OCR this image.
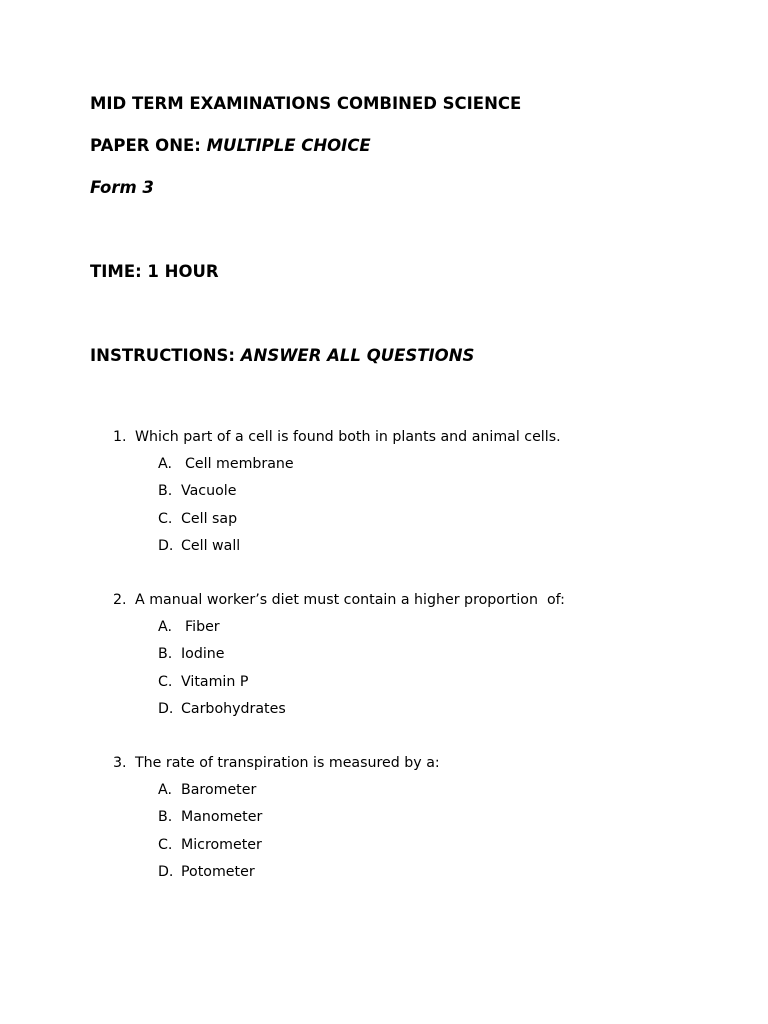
MID TERM EXAMINATIONS COMBINED SCIENCE
PAPER ONE: MULTIPLE CHOICE
Form 3
TIME: 1 HOUR
INSTRUCTIONS: ANSWER ALL QUESTIONS
1. Which part of a cell is found both in plants and animal cells.
A. Cell membrane
B. Vacuole
C. Cell sap
D. Cell wall
2. A manual worker’s diet must contain a higher proportion  of:
A. Fiber
B. Iodine
C. Vitamin P
D. Carbohydrates
3. The rate of transpiration is measured by a:
A. Barometer
B. Manometer
C. Micrometer
D. Potometer
